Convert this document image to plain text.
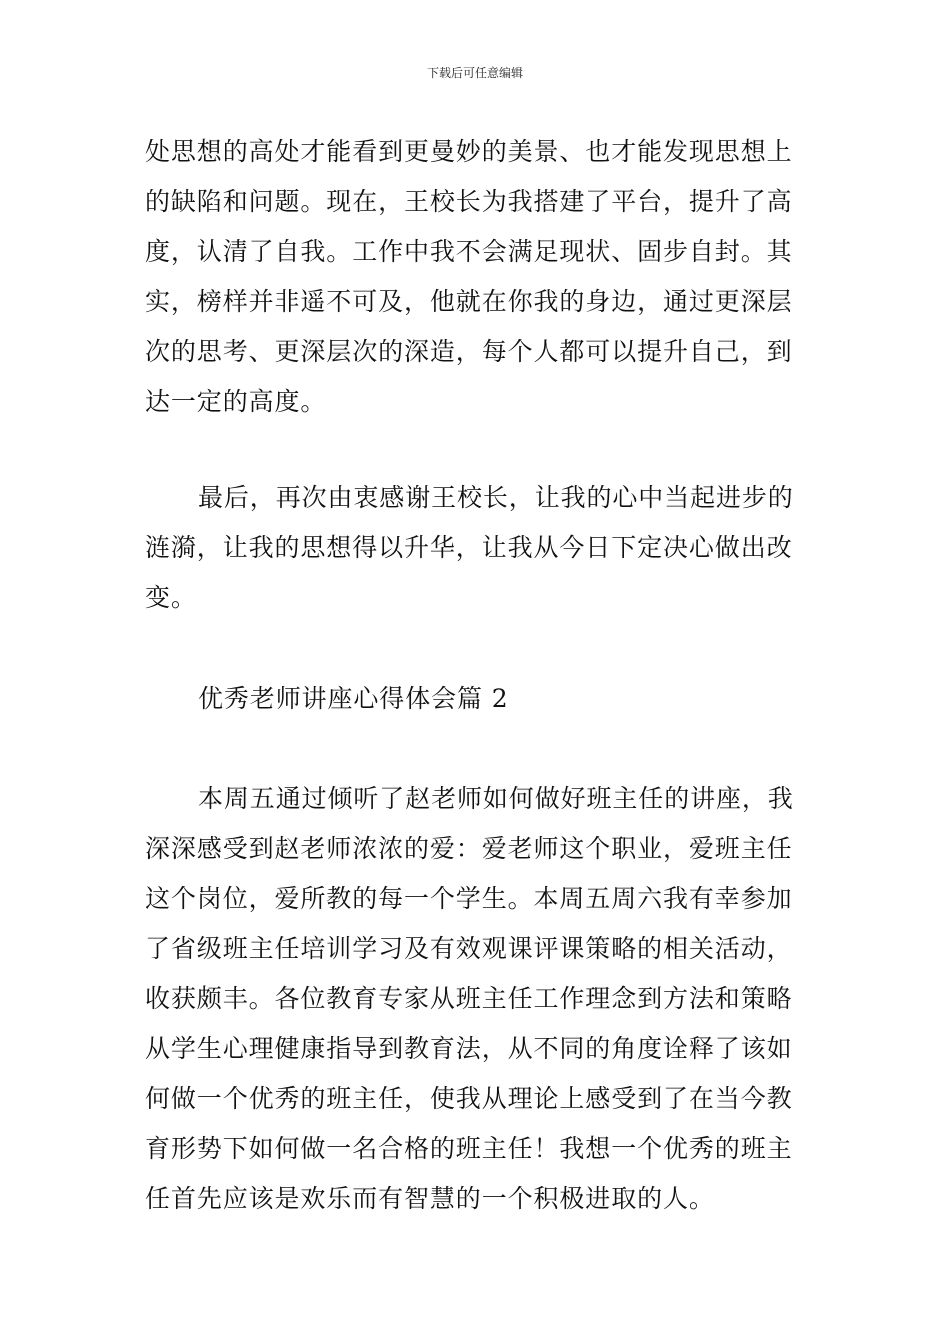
下载后可任意编辑
处思想的高处才能看到更曼妙的美景、也才能发现思想上
的缺陷和问题。现在，王校长为我搭建了平台，提升了高
度，认清了自我。工作中我不会满足现状、固步自封。其
实，榜样并非遥不可及，他就在你我的身边，通过更深层
次的思考、更深层次的深造，每个人都可以提升自己，到
达一定的高度。
最后，再次由衷感谢王校长，让我的心中当起进步的
涟漪，让我的思想得以升华，让我从今日下定决心做出改
变。
优秀老师讲座心得体会篇 2
本周五通过倾听了赵老师如何做好班主任的讲座，我
深深感受到赵老师浓浓的爱：爱老师这个职业，爱班主任
这个岗位，爱所教的每一个学生。本周五周六我有幸参加
了省级班主任培训学习及有效观课评课策略的相关活动，
收获颇丰。各位教育专家从班主任工作理念到方法和策略
从学生心理健康指导到教育法，从不同的角度诠释了该如
何做一个优秀的班主任，使我从理论上感受到了在当今教
育形势下如何做一名合格的班主任！我想一个优秀的班主
任首先应该是欢乐而有智慧的一个积极进取的人。
